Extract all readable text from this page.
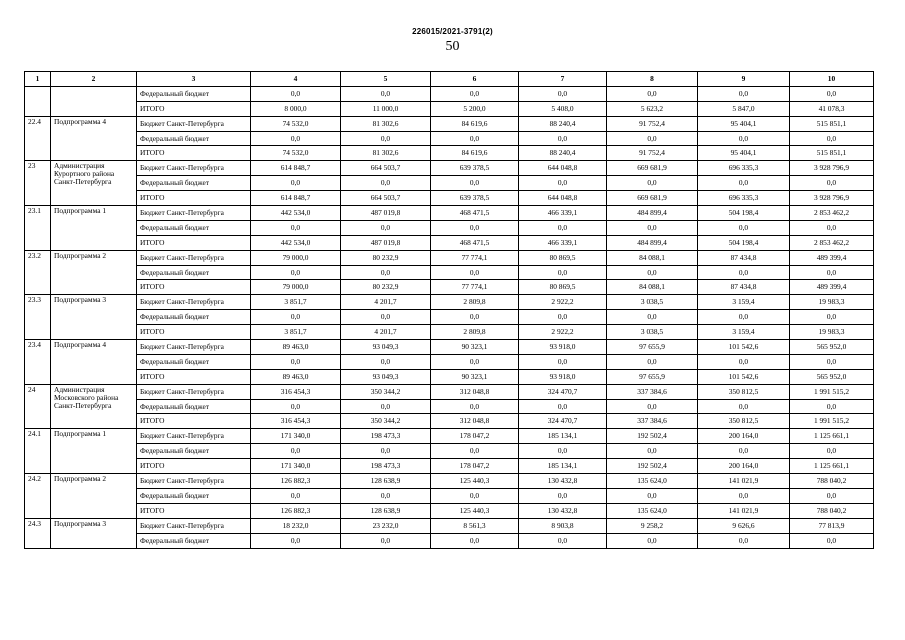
226015/2021-3791(2)
50
1	2	3	4	5	6	7	8	9	10
		Федеральный бюджет	0,0	0,0	0,0	0,0	0,0	0,0	0,0
		ИТОГО	8 000,0	11 000,0	5 200,0	5 408,0	5 623,2	5 847,0	41 078,3
22.4	Подпрограмма 4	Бюджет Санкт-Петербурга	74 532,0	81 302,6	84 619,6	88 240,4	91 752,4	95 404,1	515 851,1
		Федеральный бюджет	0,0	0,0	0,0	0,0	0,0	0,0	0,0
		ИТОГО	74 532,0	81 302,6	84 619,6	88 240,4	91 752,4	95 404,1	515 851,1
23	Администрация Курортного района Санкт-Петербурга	Бюджет Санкт-Петербурга	614 848,7	664 503,7	639 378,5	644 048,8	669 681,9	696 335,3	3 928 796,9
		Федеральный бюджет	0,0	0,0	0,0	0,0	0,0	0,0	0,0
		ИТОГО	614 848,7	664 503,7	639 378,5	644 048,8	669 681,9	696 335,3	3 928 796,9
23.1	Подпрограмма 1	Бюджет Санкт-Петербурга	442 534,0	487 019,8	468 471,5	466 339,1	484 899,4	504 198,4	2 853 462,2
		Федеральный бюджет	0,0	0,0	0,0	0,0	0,0	0,0	0,0
		ИТОГО	442 534,0	487 019,8	468 471,5	466 339,1	484 899,4	504 198,4	2 853 462,2
23.2	Подпрограмма 2	Бюджет Санкт-Петербурга	79 000,0	80 232,9	77 774,1	80 869,5	84 088,1	87 434,8	489 399,4
		Федеральный бюджет	0,0	0,0	0,0	0,0	0,0	0,0	0,0
		ИТОГО	79 000,0	80 232,9	77 774,1	80 869,5	84 088,1	87 434,8	489 399,4
23.3	Подпрограмма 3	Бюджет Санкт-Петербурга	3 851,7	4 201,7	2 809,8	2 922,2	3 038,5	3 159,4	19 983,3
		Федеральный бюджет	0,0	0,0	0,0	0,0	0,0	0,0	0,0
		ИТОГО	3 851,7	4 201,7	2 809,8	2 922,2	3 038,5	3 159,4	19 983,3
23.4	Подпрограмма 4	Бюджет Санкт-Петербурга	89 463,0	93 049,3	90 323,1	93 918,0	97 655,9	101 542,6	565 952,0
		Федеральный бюджет	0,0	0,0	0,0	0,0	0,0	0,0	0,0
		ИТОГО	89 463,0	93 049,3	90 323,1	93 918,0	97 655,9	101 542,6	565 952,0
24	Администрация Московского района Санкт-Петербурга	Бюджет Санкт-Петербурга	316 454,3	350 344,2	312 048,8	324 470,7	337 384,6	350 812,5	1 991 515,2
		Федеральный бюджет	0,0	0,0	0,0	0,0	0,0	0,0	0,0
		ИТОГО	316 454,3	350 344,2	312 048,8	324 470,7	337 384,6	350 812,5	1 991 515,2
24.1	Подпрограмма 1	Бюджет Санкт-Петербурга	171 340,0	198 473,3	178 047,2	185 134,1	192 502,4	200 164,0	1 125 661,1
		Федеральный бюджет	0,0	0,0	0,0	0,0	0,0	0,0	0,0
		ИТОГО	171 340,0	198 473,3	178 047,2	185 134,1	192 502,4	200 164,0	1 125 661,1
24.2	Подпрограмма 2	Бюджет Санкт-Петербурга	126 882,3	128 638,9	125 440,3	130 432,8	135 624,0	141 021,9	788 040,2
		Федеральный бюджет	0,0	0,0	0,0	0,0	0,0	0,0	0,0
		ИТОГО	126 882,3	128 638,9	125 440,3	130 432,8	135 624,0	141 021,9	788 040,2
24.3	Подпрограмма 3	Бюджет Санкт-Петербурга	18 232,0	23 232,0	8 561,3	8 903,8	9 258,2	9 626,6	77 813,9
		Федеральный бюджет	0,0	0,0	0,0	0,0	0,0	0,0	0,0
